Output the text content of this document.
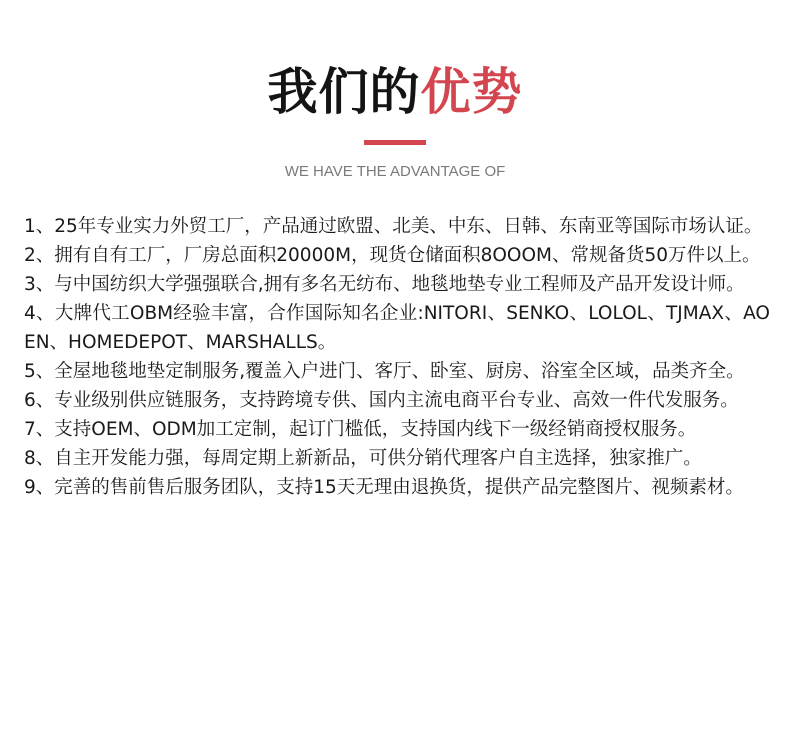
我们的优势
WE HAVE THE ADVANTAGE OF
1、25年专业实力外贸工厂，产品通过欧盟、北美、中东、日韩、东南亚等国际市场认证。
2、拥有自有工厂，厂房总面积20000M，现货仓储面积8OOOM、常规备货50万件以上。
3、与中国纺织大学强强联合,拥有多名无纺布、地毯地垫专业工程师及产品开发设计师。
4、大牌代工OBM经验丰富，合作国际知名企业:NITORI、SENKO、LOLOL、TJMAX、AOEN、HOMEDEPOT、MARSHALLS。
5、全屋地毯地垫定制服务,覆盖入户进门、客厅、卧室、厨房、浴室全区域，品类齐全。
6、专业级别供应链服务，支持跨境专供、国内主流电商平台专业、高效一件代发服务。
7、支持OEM、ODM加工定制，起订门槛低，支持国内线下一级经销商授权服务。
8、自主开发能力强，每周定期上新新品，可供分销代理客户自主选择，独家推广。
9、完善的售前售后服务团队，支持15天无理由退换货，提供产品完整图片、视频素材。
